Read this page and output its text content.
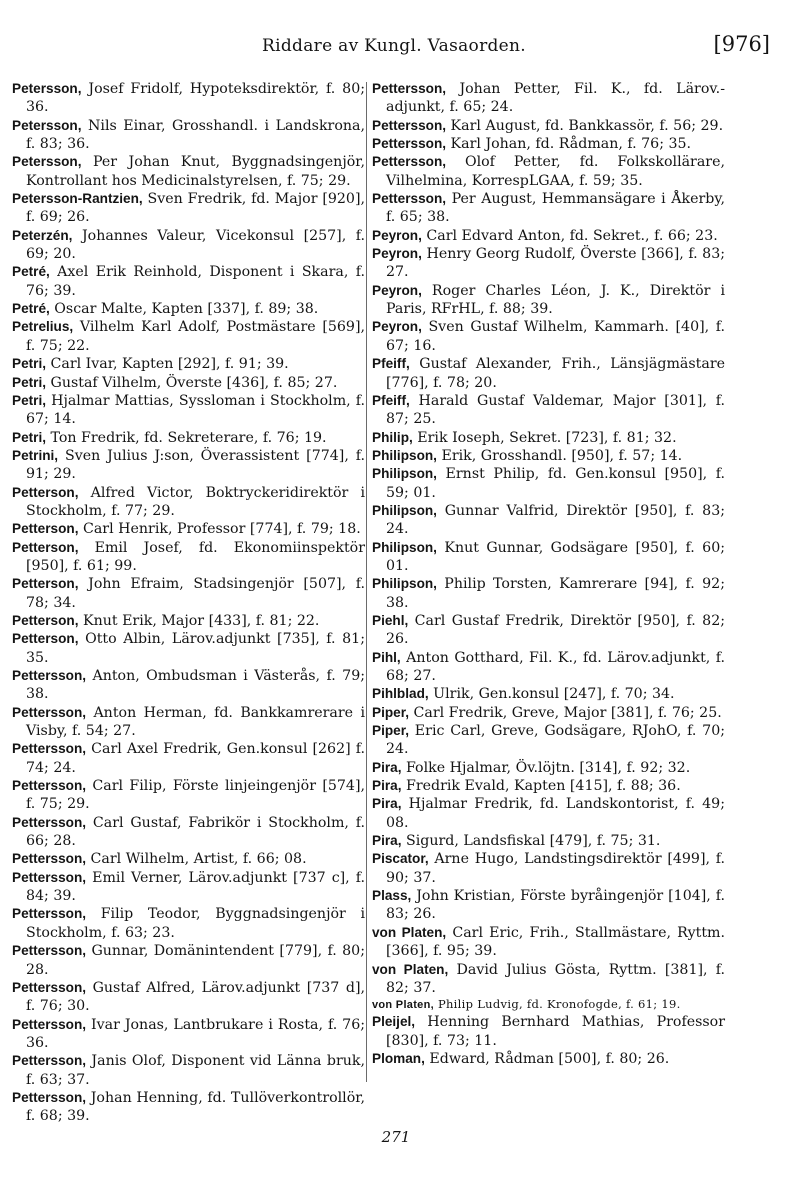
Riddare av Kungl. Vasaorden.	[976]

Petersson, Josef Fridolf, Hypoteksdirektör, f. 80; 36.

Petersson, Nils Einar, Grosshandl. i Landskrona, f. 83; 36.

Petersson, Per Johan Knut, Byggnadsingenjör, Kontrollant hos Medicinalstyrelsen, f. 75; 29.

Petersson-Rantzien, Sven Fredrik, fd. Major [920], f. 69; 26.

Peterzén, Johannes Valeur, Vicekonsul [257], f. 69; 20.

Petré, Axel Erik Reinhold, Disponent i Skara, f. 76; 39.

Petré, Oscar Malte, Kapten [337], f. 89; 38.

Petrelius, Vilhelm Karl Adolf, Postmästare [569], f. 75; 22.

Petri, Carl Ivar, Kapten [292], f. 91; 39.

Petri, Gustaf Vilhelm, Överste [436], f. 85; 27.

Petri, Hjalmar Mattias, Syssloman i Stockholm, f. 67; 14.

Petri, Ton Fredrik, fd. Sekreterare, f. 76; 19.

Petrini, Sven Julius J:son, Överassistent [774], f. 91; 29.

Petterson, Alfred Victor, Boktryckeridirektör i Stockholm, f. 77; 29.

Petterson, Carl Henrik, Professor [774], f. 79; 18.

Petterson, Emil Josef, fd. Ekonomiinspektör [950], f. 61; 99.

Petterson, John Efraim, Stadsingenjör [507], f. 78; 34.

Petterson, Knut Erik, Major [433], f. 81; 22.

Petterson, Otto Albin, Lärov.adjunkt [735], f. 81; 35.

Pettersson, Anton, Ombudsman i Västerås, f. 79; 38.

Pettersson, Anton Herman, fd. Bankkamrerare i Visby, f. 54; 27.

Pettersson, Carl Axel Fredrik, Gen.konsul [262] f. 74; 24.

Pettersson, Carl Filip, Förste linjeingenjör [574], f. 75; 29.

Pettersson, Carl Gustaf, Fabrikör i Stockholm, f. 66; 28.

Pettersson, Carl Wilhelm, Artist, f. 66; 08.

Pettersson, Emil Verner, Lärov.adjunkt [737 c], f. 84; 39.

Pettersson, Filip Teodor, Byggnadsingenjör i Stockholm, f. 63; 23.

Pettersson, Gunnar, Domänintendent [779], f. 80; 28.

Pettersson, Gustaf Alfred, Lärov.adjunkt [737 d], f. 76; 30.

Pettersson, Ivar Jonas, Lantbrukare i Rosta, f. 76; 36.

Pettersson, Janis Olof, Disponent vid Länna bruk, f. 63; 37.

Pettersson, Johan Henning, fd. Tullöverkontrollör, f. 68; 39.

Pettersson, Johan Petter, Fil. K., fd. Lärov.-adjunkt, f. 65; 24.

Pettersson, Karl August, fd. Bankkassör, f. 56; 29.

Pettersson, Karl Johan, fd. Rådman, f. 76; 35.

Pettersson, Olof Petter, fd. Folkskollärare, Vilhelmina, KorrespLGAA, f. 59; 35.

Pettersson, Per August, Hemmansägare i Åkerby, f. 65; 38.

Peyron, Carl Edvard Anton, fd. Sekret., f. 66; 23.

Peyron, Henry Georg Rudolf, Överste [366], f. 83; 27.

Peyron, Roger Charles Léon, J. K., Direktör i Paris, RFrHL, f. 88; 39.

Peyron, Sven Gustaf Wilhelm, Kammarh. [40], f. 67; 16.

Pfeiff, Gustaf Alexander, Frih., Länsjägmästare [776], f. 78; 20.

Pfeiff, Harald Gustaf Valdemar, Major [301], f. 87; 25.

Philip, Erik Ioseph, Sekret. [723], f. 81; 32.

Philipson, Erik, Grosshandl. [950], f. 57; 14.

Philipson, Ernst Philip, fd. Gen.konsul [950], f. 59; 01.

Philipson, Gunnar Valfrid, Direktör [950], f. 83; 24.

Philipson, Knut Gunnar, Godsägare [950], f. 60; 01.

Philipson, Philip Torsten, Kamrerare [94], f. 92; 38.

Piehl, Carl Gustaf Fredrik, Direktör [950], f. 82; 26.

Pihl, Anton Gotthard, Fil. K., fd. Lärov.adjunkt, f. 68; 27.

Pihlblad, Ulrik, Gen.konsul [247], f. 70; 34.

Piper, Carl Fredrik, Greve, Major [381], f. 76; 25.

Piper, Eric Carl, Greve, Godsägare, RJohO, f. 70; 24.

Pira, Folke Hjalmar, Öv.löjtn. [314], f. 92; 32.

Pira, Fredrik Evald, Kapten [415], f. 88; 36.

Pira, Hjalmar Fredrik, fd. Landskontorist, f. 49; 08.

Pira, Sigurd, Landsfiskal [479], f. 75; 31.

Piscator, Arne Hugo, Landstingsdirektör [499], f. 90; 37.

Plass, John Kristian, Förste byråingenjör [104], f. 83; 26.

von Platen, Carl Eric, Frih., Stallmästare, Ryttm. [366], f. 95; 39.

von Platen, David Julius Gösta, Ryttm. [381], f. 82; 37.

von Platen, Philip Ludvig, fd. Kronofogde, f. 61; 19.

Pleijel, Henning Bernhard Mathias, Professor [830], f. 73; 11.

Ploman, Edward, Rådman [500], f. 80; 26.

271
